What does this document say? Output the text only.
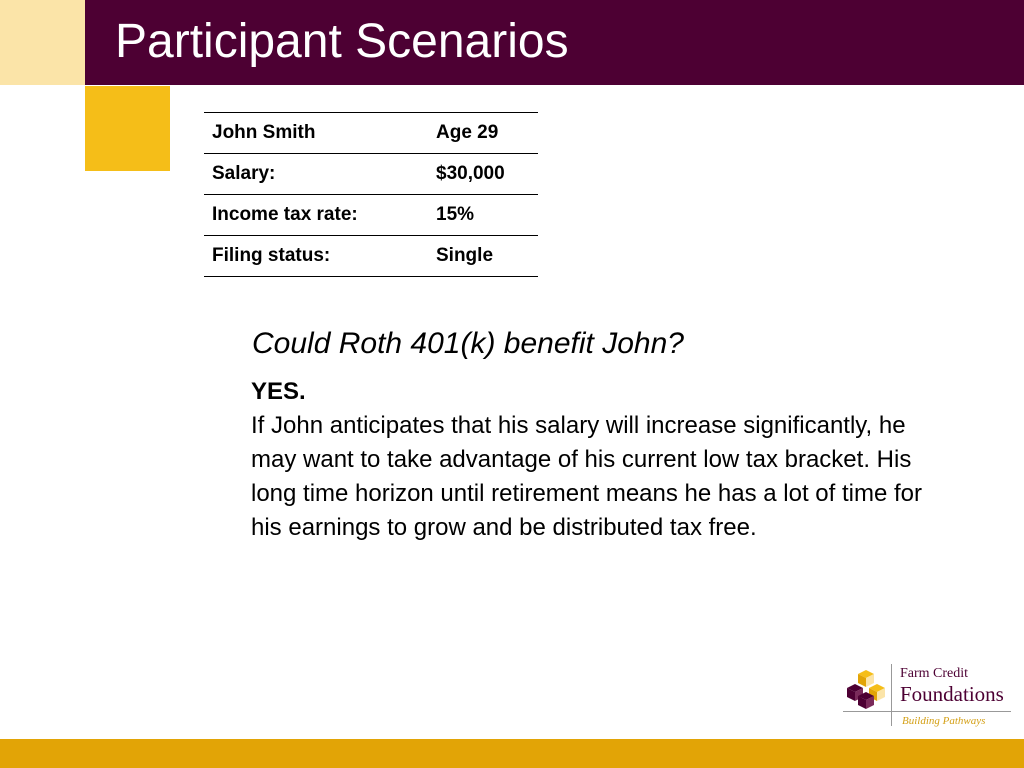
Participant Scenarios
John Smith	Age 29
Salary:	$30,000
Income tax rate:	15%
Filing status:	Single
Could Roth 401(k) benefit John?
YES.

If John anticipates that his salary will increase significantly, he may want to take advantage of his current low tax bracket. His long time horizon until retirement means he has a lot of time for his earnings to grow and be distributed tax free.

Farm Credit
Foundations
Building Pathways
